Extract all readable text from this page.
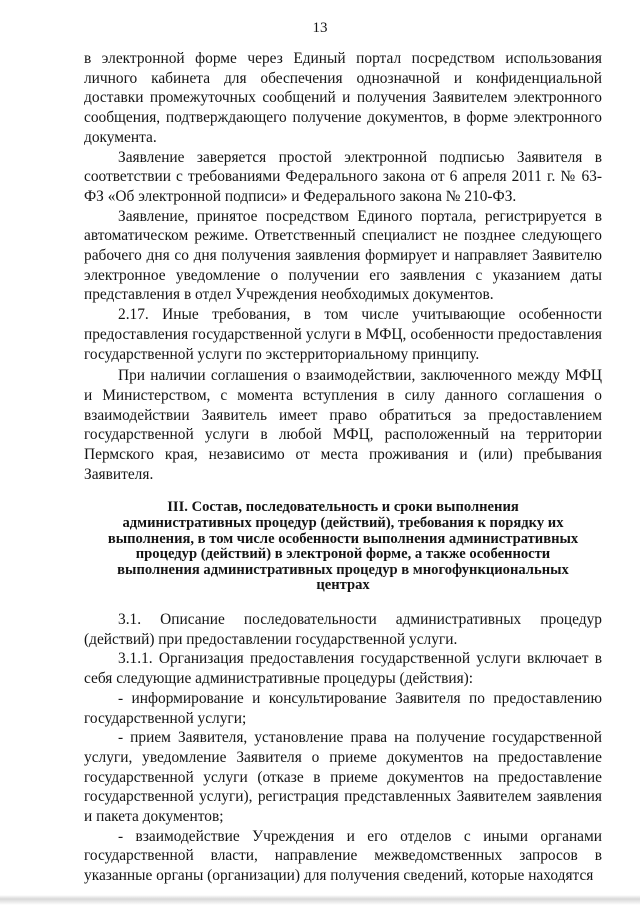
13

в электронной форме через Единый портал посредством использования личного кабинета для обеспечения однозначной и конфиденциальной доставки промежуточных сообщений и получения Заявителем электронного сообщения, подтверждающего получение документов, в форме электронного документа.

Заявление заверяется простой электронной подписью Заявителя в соответствии с требованиями Федерального закона от 6 апреля 2011 г. № 63-ФЗ «Об электронной подписи» и Федерального закона № 210-ФЗ.

Заявление, принятое посредством Единого портала, регистрируется в автоматическом режиме. Ответственный специалист не позднее следующего рабочего дня со дня получения заявления формирует и направляет Заявителю электронное уведомление о получении его заявления с указанием даты представления в отдел Учреждения необходимых документов.

2.17. Иные требования, в том числе учитывающие особенности предоставления государственной услуги в МФЦ, особенности предоставления государственной услуги по экстерриториальному принципу.

При наличии соглашения о взаимодействии, заключенного между МФЦ и Министерством, с момента вступления в силу данного соглашения о взаимодействии Заявитель имеет право обратиться за предоставлением государственной услуги в любой МФЦ, расположенный на территории Пермского края, независимо от места проживания и (или) пребывания Заявителя.

III. Состав, последовательность и сроки выполнения административных процедур (действий), требования к порядку их выполнения, в том числе особенности выполнения административных процедур (действий) в электроной форме, а также особенности выполнения административных процедур в многофункциональных центрах

3.1. Описание последовательности административных процедур (действий) при предоставлении государственной услуги.

3.1.1. Организация предоставления государственной услуги включает в себя следующие административные процедуры (действия):

- информирование и консультирование Заявителя по предоставлению государственной услуги;

- прием Заявителя, установление права на получение государственной услуги, уведомление Заявителя о приеме документов на предоставление государственной услуги (отказе в приеме документов на предоставление государственной услуги), регистрация представленных Заявителем заявления и пакета документов;

- взаимодействие Учреждения и его отделов с иными органами государственной власти, направление межведомственных запросов в указанные органы (организации) для получения сведений, которые находятся
